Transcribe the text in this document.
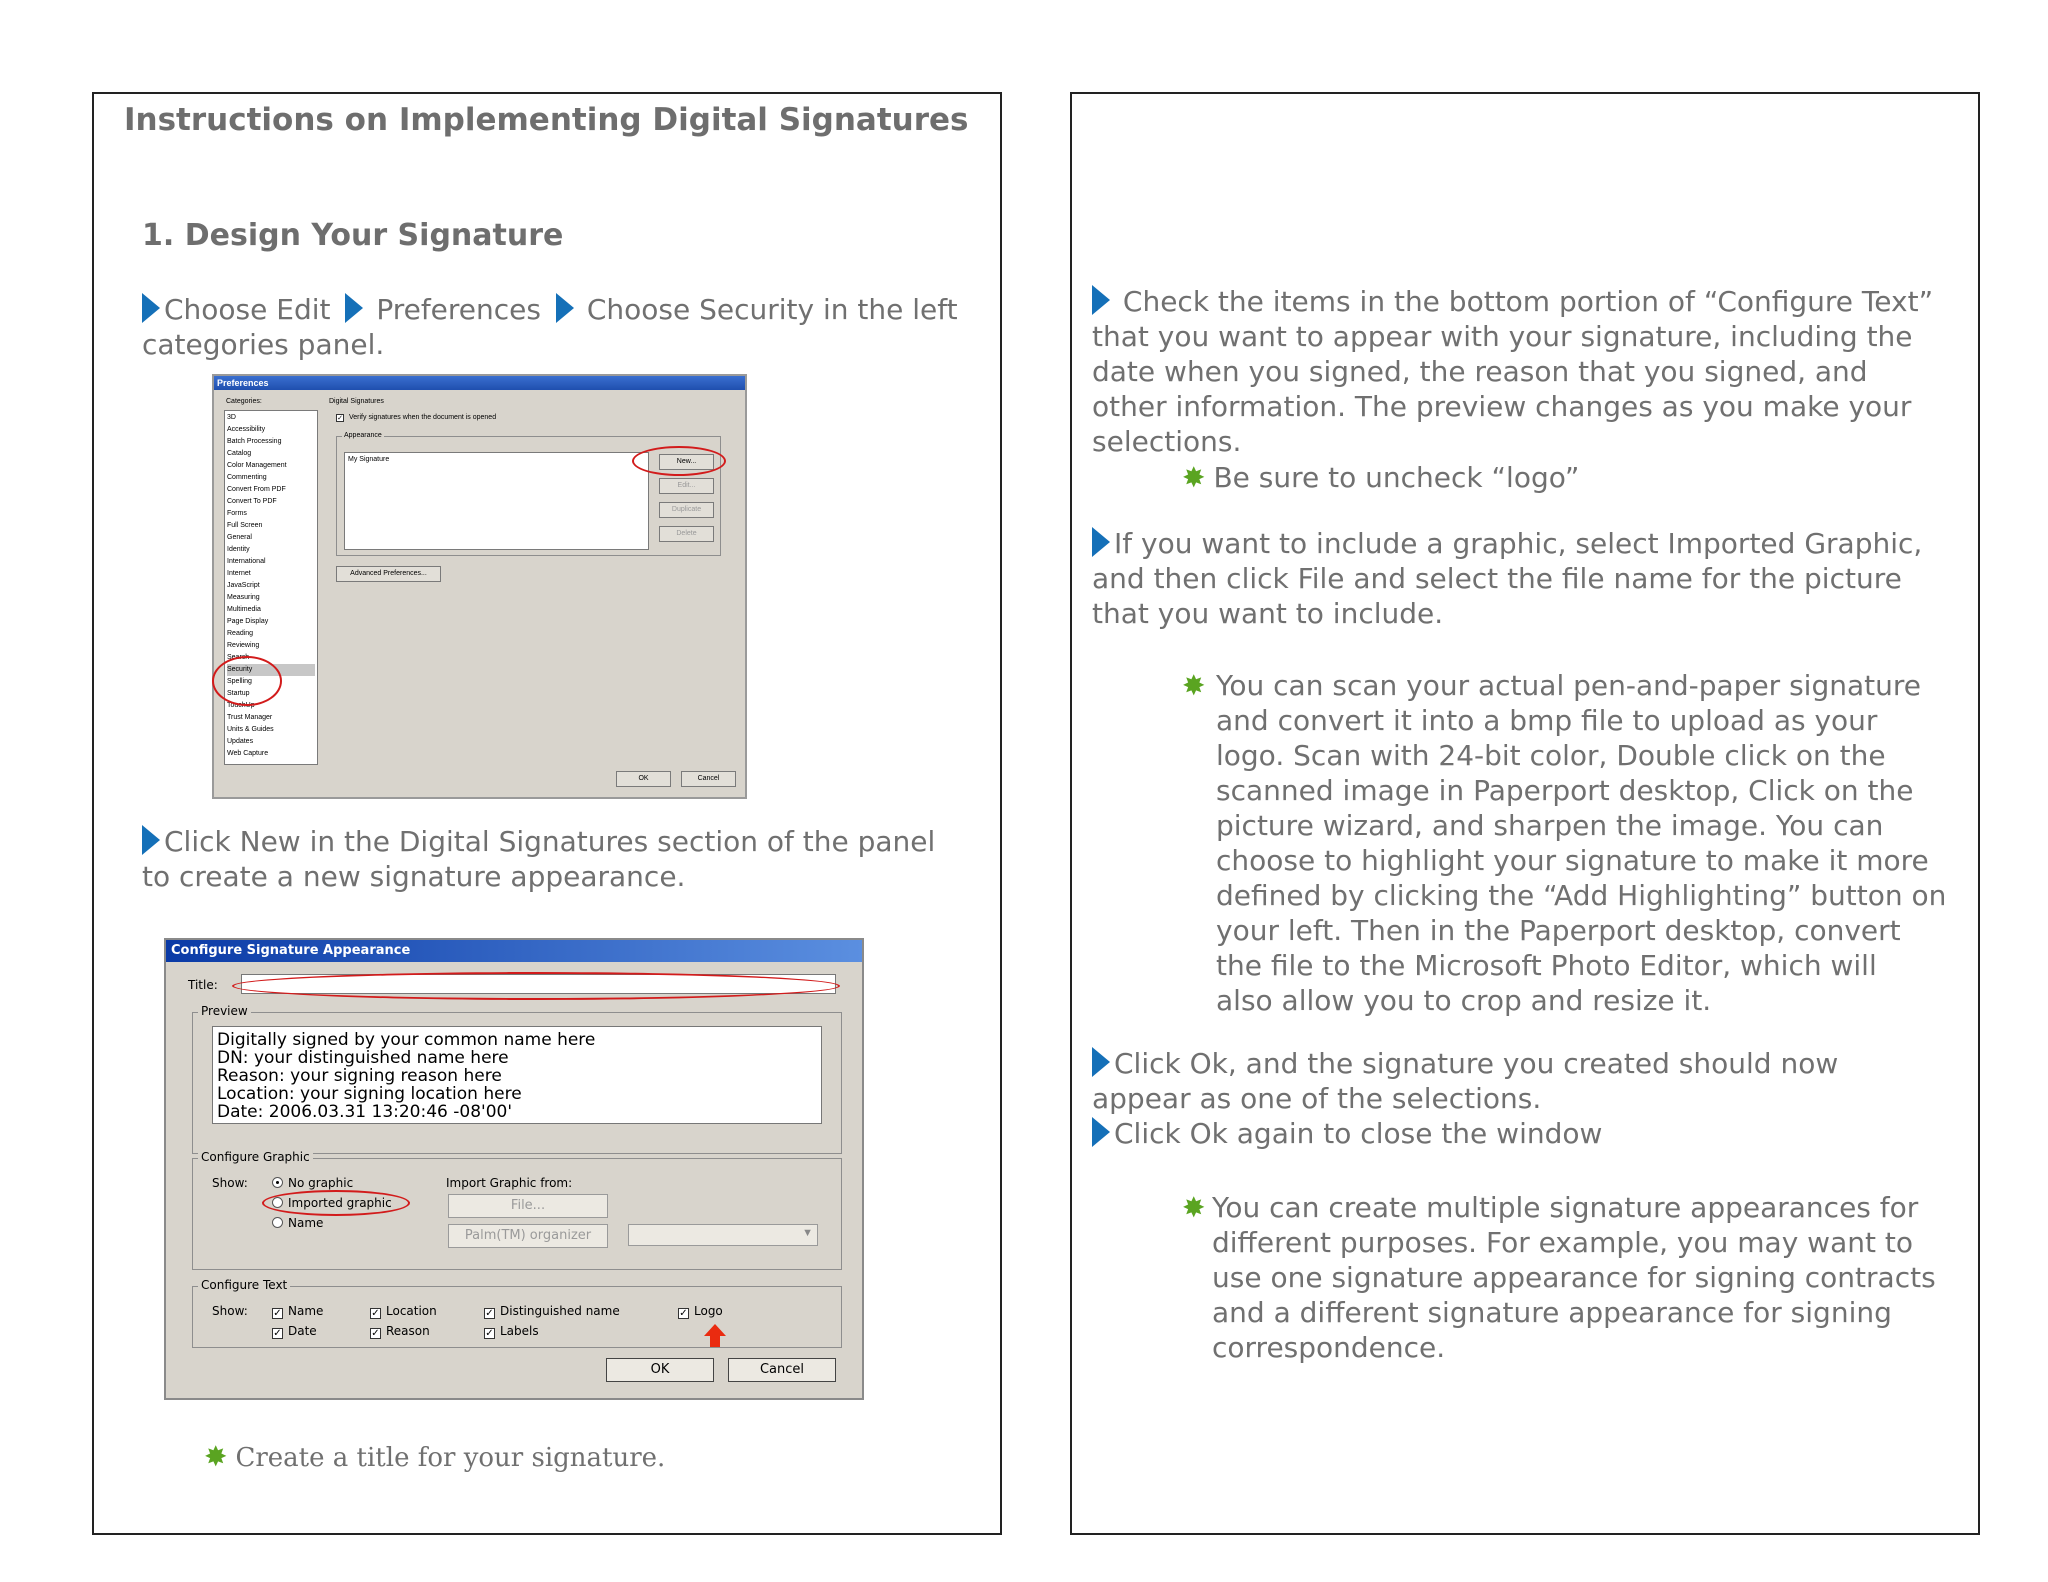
Instructions on Implementing Digital Signatures
1. Design Your Signature
Choose Edit Preferences Choose Security in the left
categories panel.
Preferences
Categories:
3D
Accessibility
Batch Processing
Catalog
Color Management
Commenting
Convert From PDF
Convert To PDF
Forms
Full Screen
General
Identity
International
Internet
JavaScript
Measuring
Multimedia
Page Display
Reading
Reviewing
Search
Security
Spelling
Startup
TouchUp
Trust Manager
Units & Guides
Updates
Web Capture
Digital Signatures
✓ Verify signatures when the document is opened
Appearance
My Signature	New...
Edit...
Duplicate
Delete
Advanced Preferences...
OK	Cancel
Click New in the Digital Signatures section of the panel
to create a new signature appearance.
Configure Signature Appearance
Title:
Preview
Digitally signed by your common name here
DN: your distinguished name here
Reason: your signing reason here
Location: your signing location here
Date: 2006.03.31 13:20:46 -08'00'
Configure Graphic
Show:	No graphic
Imported graphic
Name
Import Graphic from:
File...
Palm(TM) organizer	▼
Configure Text
Show:	✓ Name	✓ Location	✓ Distinguished name	✓ Logo
✓ Date	✓ Reason	✓ Labels
OK	Cancel
✸ Create a title for your signature.
Check the items in the bottom portion of “Configure Text”
that you want to appear with your signature, including the
date when you signed, the reason that you signed, and
other information. The preview changes as you make your
selections.
✸ Be sure to uncheck “logo”
If you want to include a graphic, select Imported Graphic,
and then click File and select the file name for the picture
that you want to include.
✸ You can scan your actual pen-and-paper signature
and convert it into a bmp file to upload as your
logo. Scan with 24-bit color, Double click on the
scanned image in Paperport desktop, Click on the
picture wizard, and sharpen the image. You can
choose to highlight your signature to make it more
defined by clicking the “Add Highlighting” button on
your left. Then in the Paperport desktop, convert
the file to the Microsoft Photo Editor, which will
also allow you to crop and resize it.
Click Ok, and the signature you created should now
appear as one of the selections.
Click Ok again to close the window
✸ You can create multiple signature appearances for
different purposes. For example, you may want to
use one signature appearance for signing contracts
and a different signature appearance for signing
correspondence.
